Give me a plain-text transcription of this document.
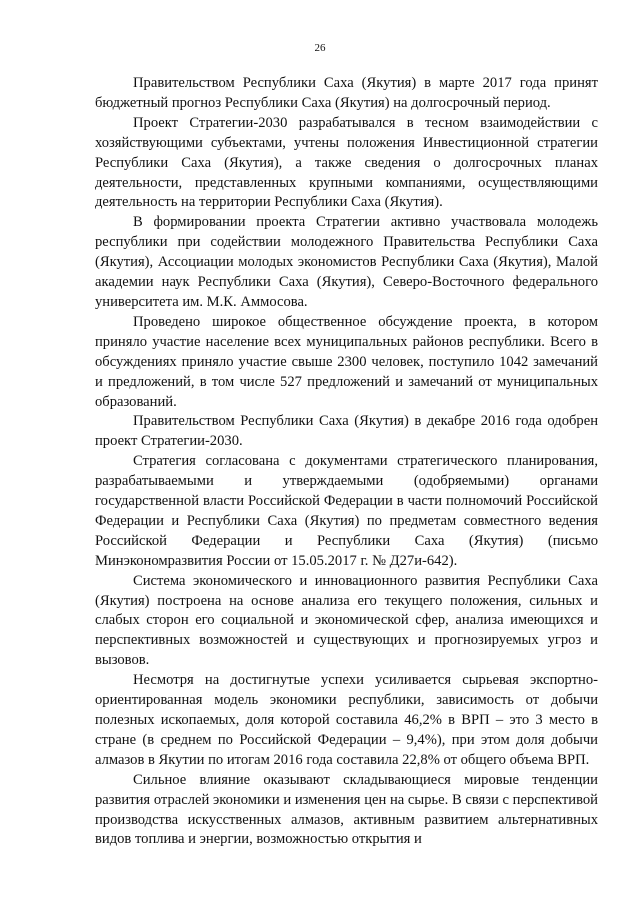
26

Правительством Республики Саха (Якутия) в марте 2017 года принят бюджетный прогноз Республики Саха (Якутия) на долгосрочный период.

Проект Стратегии-2030 разрабатывался в тесном взаимодействии с хозяйствующими субъектами, учтены положения Инвестиционной стратегии Республики Саха (Якутия), а также сведения о долгосрочных планах деятельности, представленных крупными компаниями, осуществляющими деятельность на территории Республики Саха (Якутия).

В формировании проекта Стратегии активно участвовала молодежь республики при содействии молодежного Правительства Республики Саха (Якутия), Ассоциации молодых экономистов Республики Саха (Якутия), Малой академии наук Республики Саха (Якутия), Северо-Восточного федерального университета им. М.К. Аммосова.

Проведено широкое общественное обсуждение проекта, в котором приняло участие население всех муниципальных районов республики. Всего в обсуждениях приняло участие свыше 2300 человек, поступило 1042 замечаний и предложений, в том числе 527 предложений и замечаний от муниципальных образований.

Правительством Республики Саха (Якутия) в декабре 2016 года одобрен проект Стратегии-2030.

Стратегия согласована с документами стратегического планирования, разрабатываемыми и утверждаемыми (одобряемыми) органами государственной власти Российской Федерации в части полномочий Российской Федерации и Республики Саха (Якутия) по предметам совместного ведения Российской Федерации и Республики Саха (Якутия) (письмо Минэкономразвития России от 15.05.2017 г. № Д27и-642).

Система экономического и инновационного развития Республики Саха (Якутия) построена на основе анализа его текущего положения, сильных и слабых сторон его социальной и экономической сфер, анализа имеющихся и перспективных возможностей и существующих и прогнозируемых угроз и вызовов.

Несмотря на достигнутые успехи усиливается сырьевая экспортно-ориентированная модель экономики республики, зависимость от добычи полезных ископаемых, доля которой составила 46,2% в ВРП – это 3 место в стране (в среднем по Российской Федерации – 9,4%), при этом доля добычи алмазов в Якутии по итогам 2016 года составила 22,8% от общего объема ВРП.

Сильное влияние оказывают складывающиеся мировые тенденции развития отраслей экономики и изменения цен на сырье. В связи с перспективой производства искусственных алмазов, активным развитием альтернативных видов топлива и энергии, возможностью открытия и
